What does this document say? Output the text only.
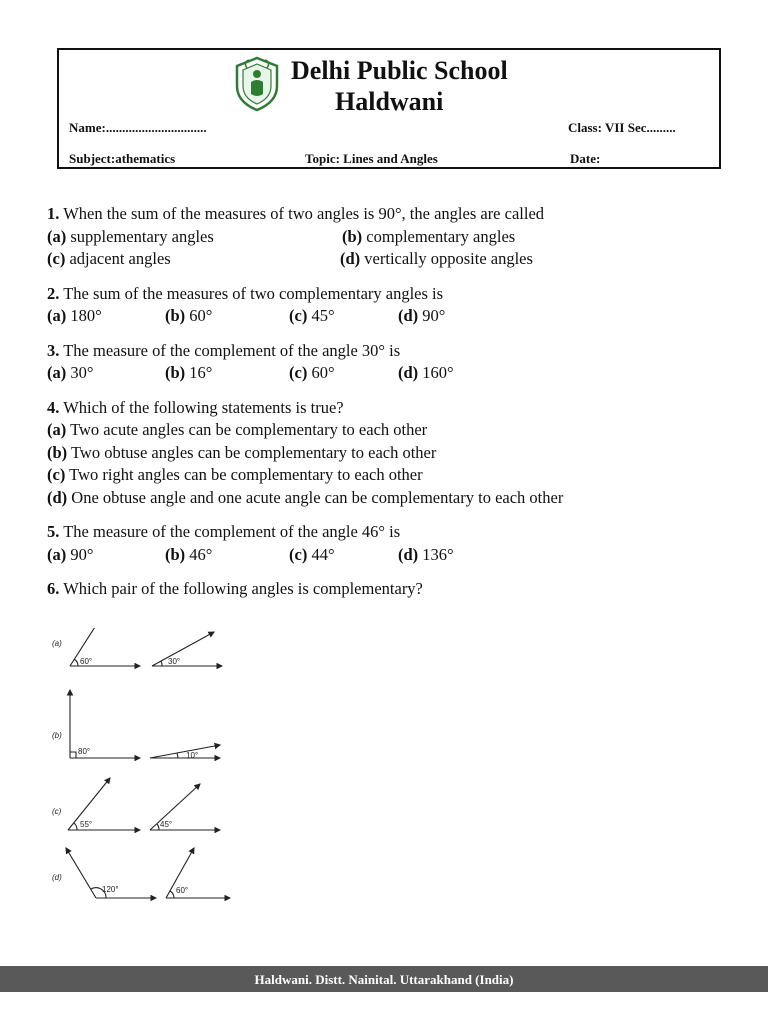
Delhi Public School
Haldwani
Name:...............................	Class: VII Sec.........
Subject:athematics	Topic: Lines and Angles	Date:
1. When the sum of the measures of two angles is 90°, the angles are called
(a) supplementary angles	(b) complementary angles
(c) adjacent angles	(d) vertically opposite angles
2. The sum of the measures of two complementary angles is
(a) 180°	(b) 60°	(c) 45°	(d) 90°
3. The measure of the complement of the angle 30° is
(a) 30°	(b) 16°	(c) 60°	(d) 160°
4. Which of the following statements is true?
(a) Two acute angles can be complementary to each other
(b) Two obtuse angles can be complementary to each other
(c) Two right angles can be complementary to each other
(d) One obtuse angle and one acute angle can be complementary to each other
5. The measure of the complement of the angle 46° is
(a) 90°	(b) 46°	(c) 44°	(d) 136°
6. Which pair of the following angles is complementary?
(a)
60°	30°
(b)
80°	10°
(c)
55°	45°
(d)
120°	60°
Haldwani. Distt. Nainital. Uttarakhand (India)
